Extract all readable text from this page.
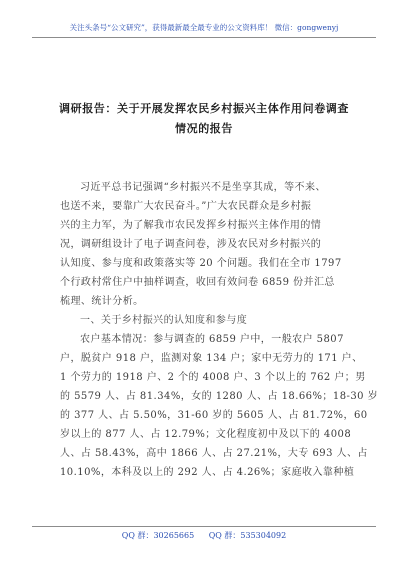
关注头条号“公文研究”，获得最新最全最专业的公文资料库！ 微信：gongwenyj
调研报告：关于开展发挥农民乡村振兴主体作用问卷调查
情况的报告
习近平总书记强调“乡村振兴不是坐享其成，等不来、
也送不来，要靠广大农民奋斗。”广大农民群众是乡村振
兴的主力军，为了解我市农民发挥乡村振兴主体作用的情
况，调研组设计了电子调查问卷，涉及农民对乡村振兴的
认知度、参与度和政策落实等 20 个问题。我们在全市 1797
个行政村常住户中抽样调查，收回有效问卷 6859 份并汇总
梳理、统计分析。
一、关于乡村振兴的认知度和参与度
农户基本情况：参与调查的 6859 户中，一般农户 5807
户，脱贫户 918 户，监测对象 134 户；家中无劳力的 171 户、
1 个劳力的 1918 户、2 个的 4008 户、3 个以上的 762 户；男
的 5579 人、占 81.34%，女的 1280 人、占 18.66%；18-30 岁
的 377 人、占 5.50%，31-60 岁的 5605 人、占 81.72%，60
岁以上的 877 人、占 12.79%；文化程度初中及以下的 4008
人、占 58.43%，高中 1866 人、占 27.21%，大专 693 人、占
10.10%，本科及以上的 292 人、占 4.26%；家庭收入靠种植
QQ 群：30265665 QQ 群：535304092
